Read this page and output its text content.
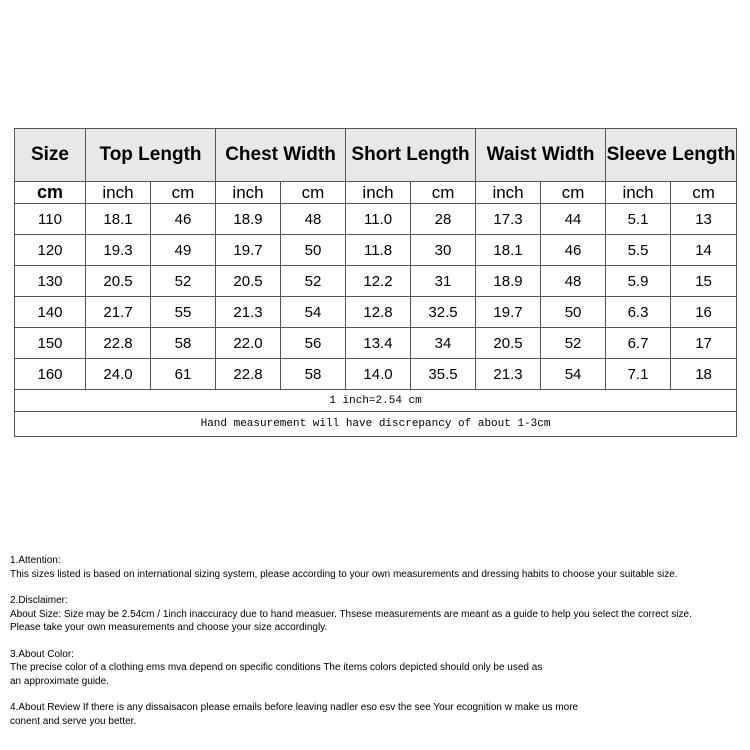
Size	Top Length		Chest Width		Short Length		Waist Width		Sleeve Length	
cm	inch	cm	inch	cm	inch	cm	inch	cm	inch	cm
110	18.1	46	18.9	48	11.0	28	17.3	44	5.1	13
120	19.3	49	19.7	50	11.8	30	18.1	46	5.5	14
130	20.5	52	20.5	52	12.2	31	18.9	48	5.9	15
140	21.7	55	21.3	54	12.8	32.5	19.7	50	6.3	16
150	22.8	58	22.0	56	13.4	34	20.5	52	6.7	17
160	24.0	61	22.8	58	14.0	35.5	21.3	54	7.1	18
1 inch=2.54 cm										
Hand measurement will have discrepancy of about 1-3cm										
1.Attention:
This sizes listed is based on international sizing system, please according to your own measurements and dressing habits to choose your suitable size.
2.Disclaimer:
About Size: Size may be 2.54cm / 1inch inaccuracy due to hand measuer. Thsese measurements are meant as a guide to help you select the correct size.
Please take your own measurements and choose your size accordingly.
3.About Color:
The precise color of a clothing ems mva depend on specific conditions The items colors depicted should only be used as
an approximate guide.
4.About Review If there is any dissaisacon please emails before leaving nadler eso esv the see Your ecognition w make us more
conent and serve you better.
